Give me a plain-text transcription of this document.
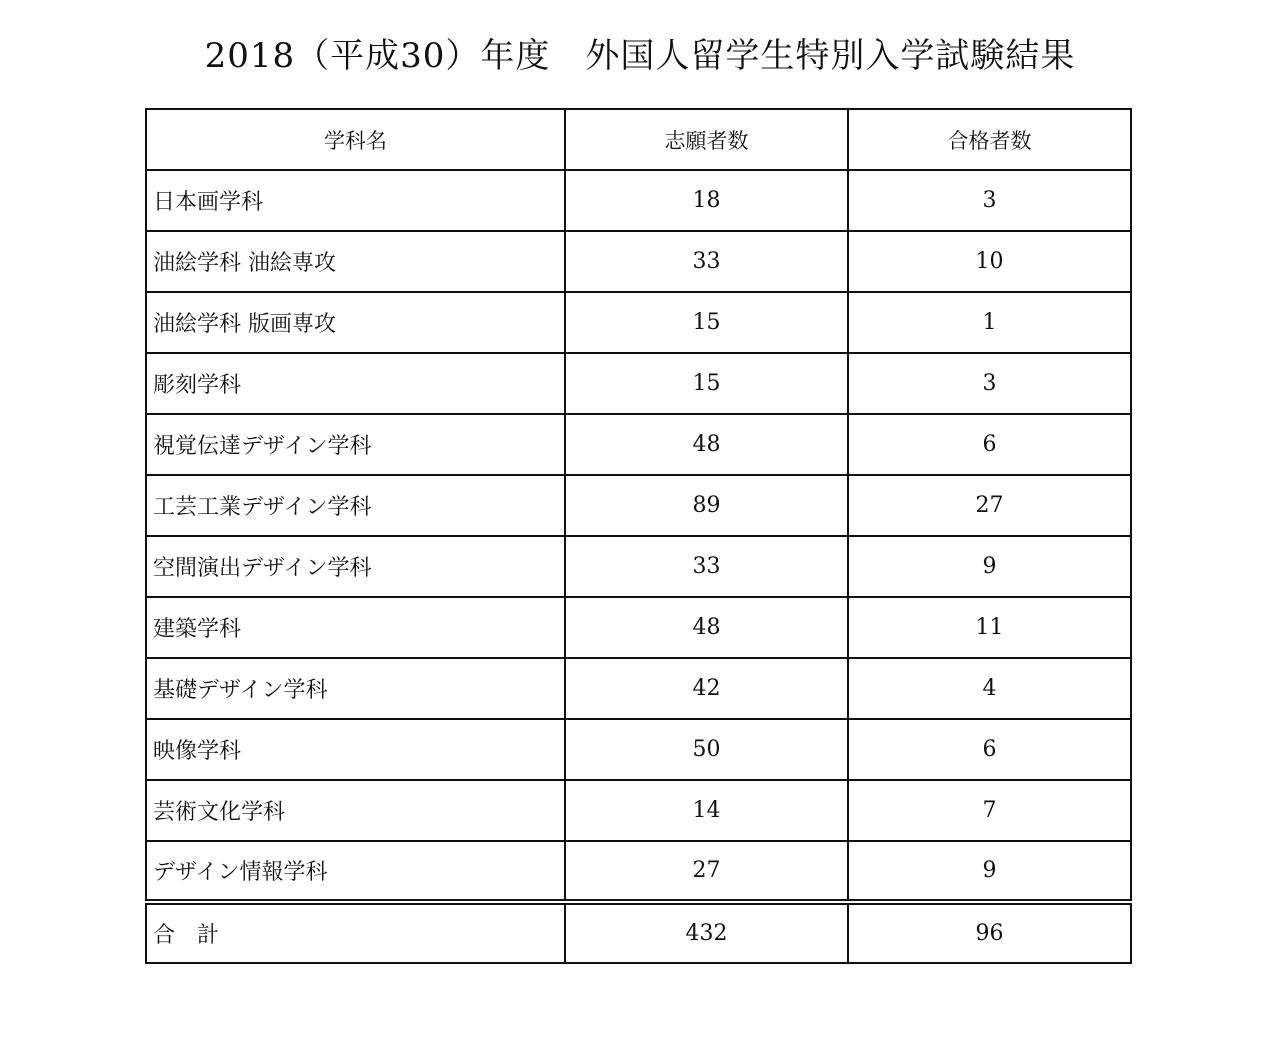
2018（平成30）年度　外国人留学生特別入学試験結果
学科名	志願者数	合格者数
日本画学科	18	3
油絵学科 油絵専攻	33	10
油絵学科 版画専攻	15	1
彫刻学科	15	3
視覚伝達デザイン学科	48	6
工芸工業デザイン学科	89	27
空間演出デザイン学科	33	9
建築学科	48	11
基礎デザイン学科	42	4
映像学科	50	6
芸術文化学科	14	7
デザイン情報学科	27	9
合　計	432	96
